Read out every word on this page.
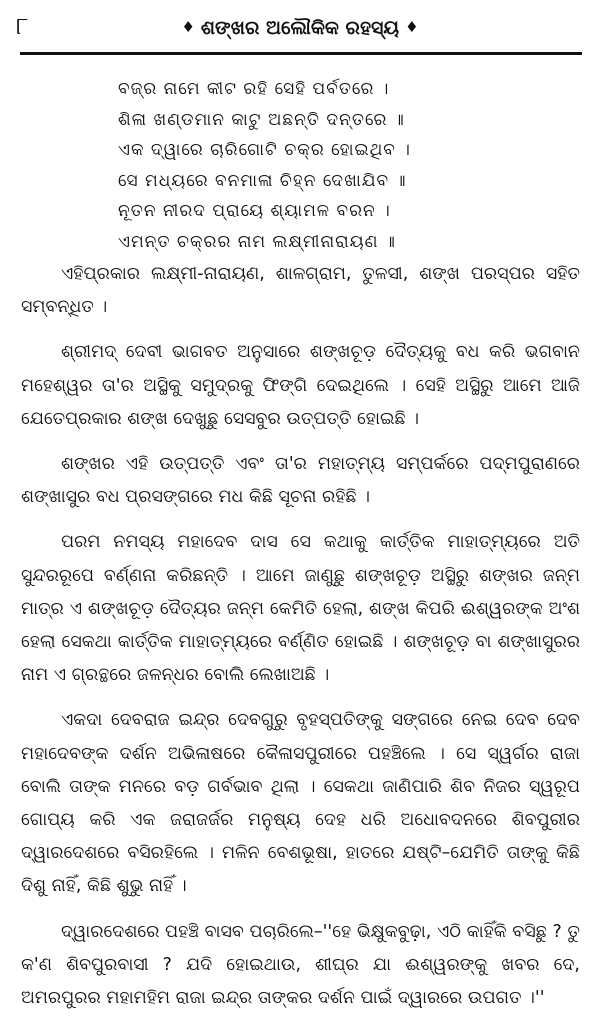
୮	♦ ଶଙ୍ଖର ଅଲୌକିକ ରହସ୍ୟ ♦
ବଜ୍ର ନାମେ କୀଟ ରହି ସେହି ପର୍ବତରେ ।
ଶିଳା ଖଣ୍ଡମାନ କାଟୁ ଅଛନ୍ତି ଦନ୍ତରେ ॥
ଏକ ଦ୍ୱାରେ ଚାରିଗୋଟି ଚକ୍ର ହୋଇଥିବ ।
ସେ ମଧ୍ୟରେ ବନମାଳା ଚିହ୍ନ ଦେଖାଯିବ ॥
ନୂତନ ନୀରଦ ପ୍ରାୟେ ଶ୍ୟାମଳ ବରନ ।
ଏମନ୍ତ ଚକ୍ରର ନାମ ଲକ୍ଷ୍ମୀନାରାୟଣ ॥

ଏହିପ୍ରକାର ଲକ୍ଷ୍ମୀ-ନାରାୟଣ, ଶାଳଗ୍ରାମ, ତୁଳସୀ, ଶଙ୍ଖ ପରସ୍ପର ସହିତ ସମ୍ବନ୍ଧିତ ।

ଶ୍ରୀମଦ୍ ଦେବୀ ଭାଗବତ ଅନୁସାରେ ଶଙ୍ଖଚୂଡ଼ ଦୈତ୍ୟକୁ ବଧ କରି ଭଗବାନ ମହେଶ୍ୱର ତା'ର ଅସ୍ଥିକୁ ସମୁଦ୍ରକୁ ଫିଙ୍ଗି ଦେଇଥିଲେ । ସେହି ଅସ୍ଥିରୁ ଆମେ ଆଜି ଯେତେପ୍ରକାର ଶଙ୍ଖ ଦେଖୁଛୁ ସେସବୁର ଉତ୍ପତ୍ତି ହୋଇଛି ।

ଶଙ୍ଖର ଏହି ଉତ୍ପତ୍ତି ଏବଂ ତା'ର ମହାତ୍ମ୍ୟ ସମ୍ପର୍କରେ ପଦ୍ମପୁରାଣରେ ଶଙ୍ଖାସୁର ବଧ ପ୍ରସଙ୍ଗରେ ମଧ କିଛି ସୂଚନା ରହିଛି ।

ପରମ ନମସ୍ୟ ମହାଦେବ ଦାସ ସେ କଥାକୁ କାର୍ତ୍ତିକ ମାହାତ୍ମ୍ୟରେ ଅତି ସୁନ୍ଦରରୂପେ ବର୍ଣ୍ଣନା କରିଛନ୍ତି । ଆମେ ଜାଣୁଛୁ ଶଙ୍ଖଚୂଡ଼ ଅସ୍ଥିରୁ ଶଙ୍ଖର ଜନ୍ମ ମାତ୍ର ଏ ଶଙ୍ଖଚୂଡ଼ ଦୈତ୍ୟର ଜନ୍ମ କେମିତି ହେଲା, ଶଙ୍ଖ କିପରି ଈଶ୍ୱରଙ୍କ ଅଂଶ ହେଲା ସେକଥା କାର୍ତ୍ତିକ ମାହାତ୍ମ୍ୟରେ ବର୍ଣ୍ଣିତ ହୋଇଛି । ଶଙ୍ଖଚୂଡ଼ ବା ଶଙ୍ଖାସୁରର ନାମ ଏ ଗ୍ରନ୍ଥରେ ଜଳନ୍ଧର ବୋଲି ଲେଖାଅଛି ।

ଏକଦା ଦେବରାଜ ଇନ୍ଦ୍ର ଦେବଗୁରୁ ବୃହସ୍ପତିଙ୍କୁ ସଙ୍ଗରେ ନେଇ ଦେବ ଦେବ ମହାଦେବଙ୍କ ଦର୍ଶନ ଅଭିଳାଷରେ କୈଳାସପୁରୀରେ ପହଞ୍ଚିଲେ । ସେ ସ୍ୱର୍ଗର ରାଜା ବୋଲି ତାଙ୍କ ମନରେ ବଡ଼ ଗର୍ବଭାବ ଥିଲା । ସେକଥା ଜାଣିପାରି ଶିବ ନିଜର ସ୍ୱରୂପ ଗୋପ୍ୟ କରି ଏକ ଜରାଜର୍ଜର ମନୁଷ୍ୟ ଦେହ ଧରି ଅଧୋବଦନରେ ଶିବପୁରୀର ଦ୍ୱାରଦେଶରେ ବସିରହିଲେ । ମଳିନ ବେଶଭୂଷା, ହାତରେ ଯଷ୍ଟି–ଯେମିତି ତାଙ୍କୁ କିଛି ଦିଶୁ ନାହିଁ, କିଛି ଶୁଭୁ ନାହିଁ ।

ଦ୍ୱାରଦେଶରେ ପହଞ୍ଚି ବାସବ ପଚାରିଲେ–''ହେ ଭିକ୍ଷୁକବୁଢ଼ା, ଏଠି କାହିଁକି ବସିଛୁ ? ତୁ କ'ଣ ଶିବପୁରବାସୀ ? ଯଦି ହୋଇଥାଉ, ଶୀଘ୍ର ଯା ଈଶ୍ୱରଙ୍କୁ ଖବର ଦେ, ଅମରପୁରର ମହାମହିମ ରାଜା ଇନ୍ଦ୍ର ତାଙ୍କର ଦର୍ଶନ ପାଇଁ ଦ୍ୱାରରେ ଉପଗତ ।''
